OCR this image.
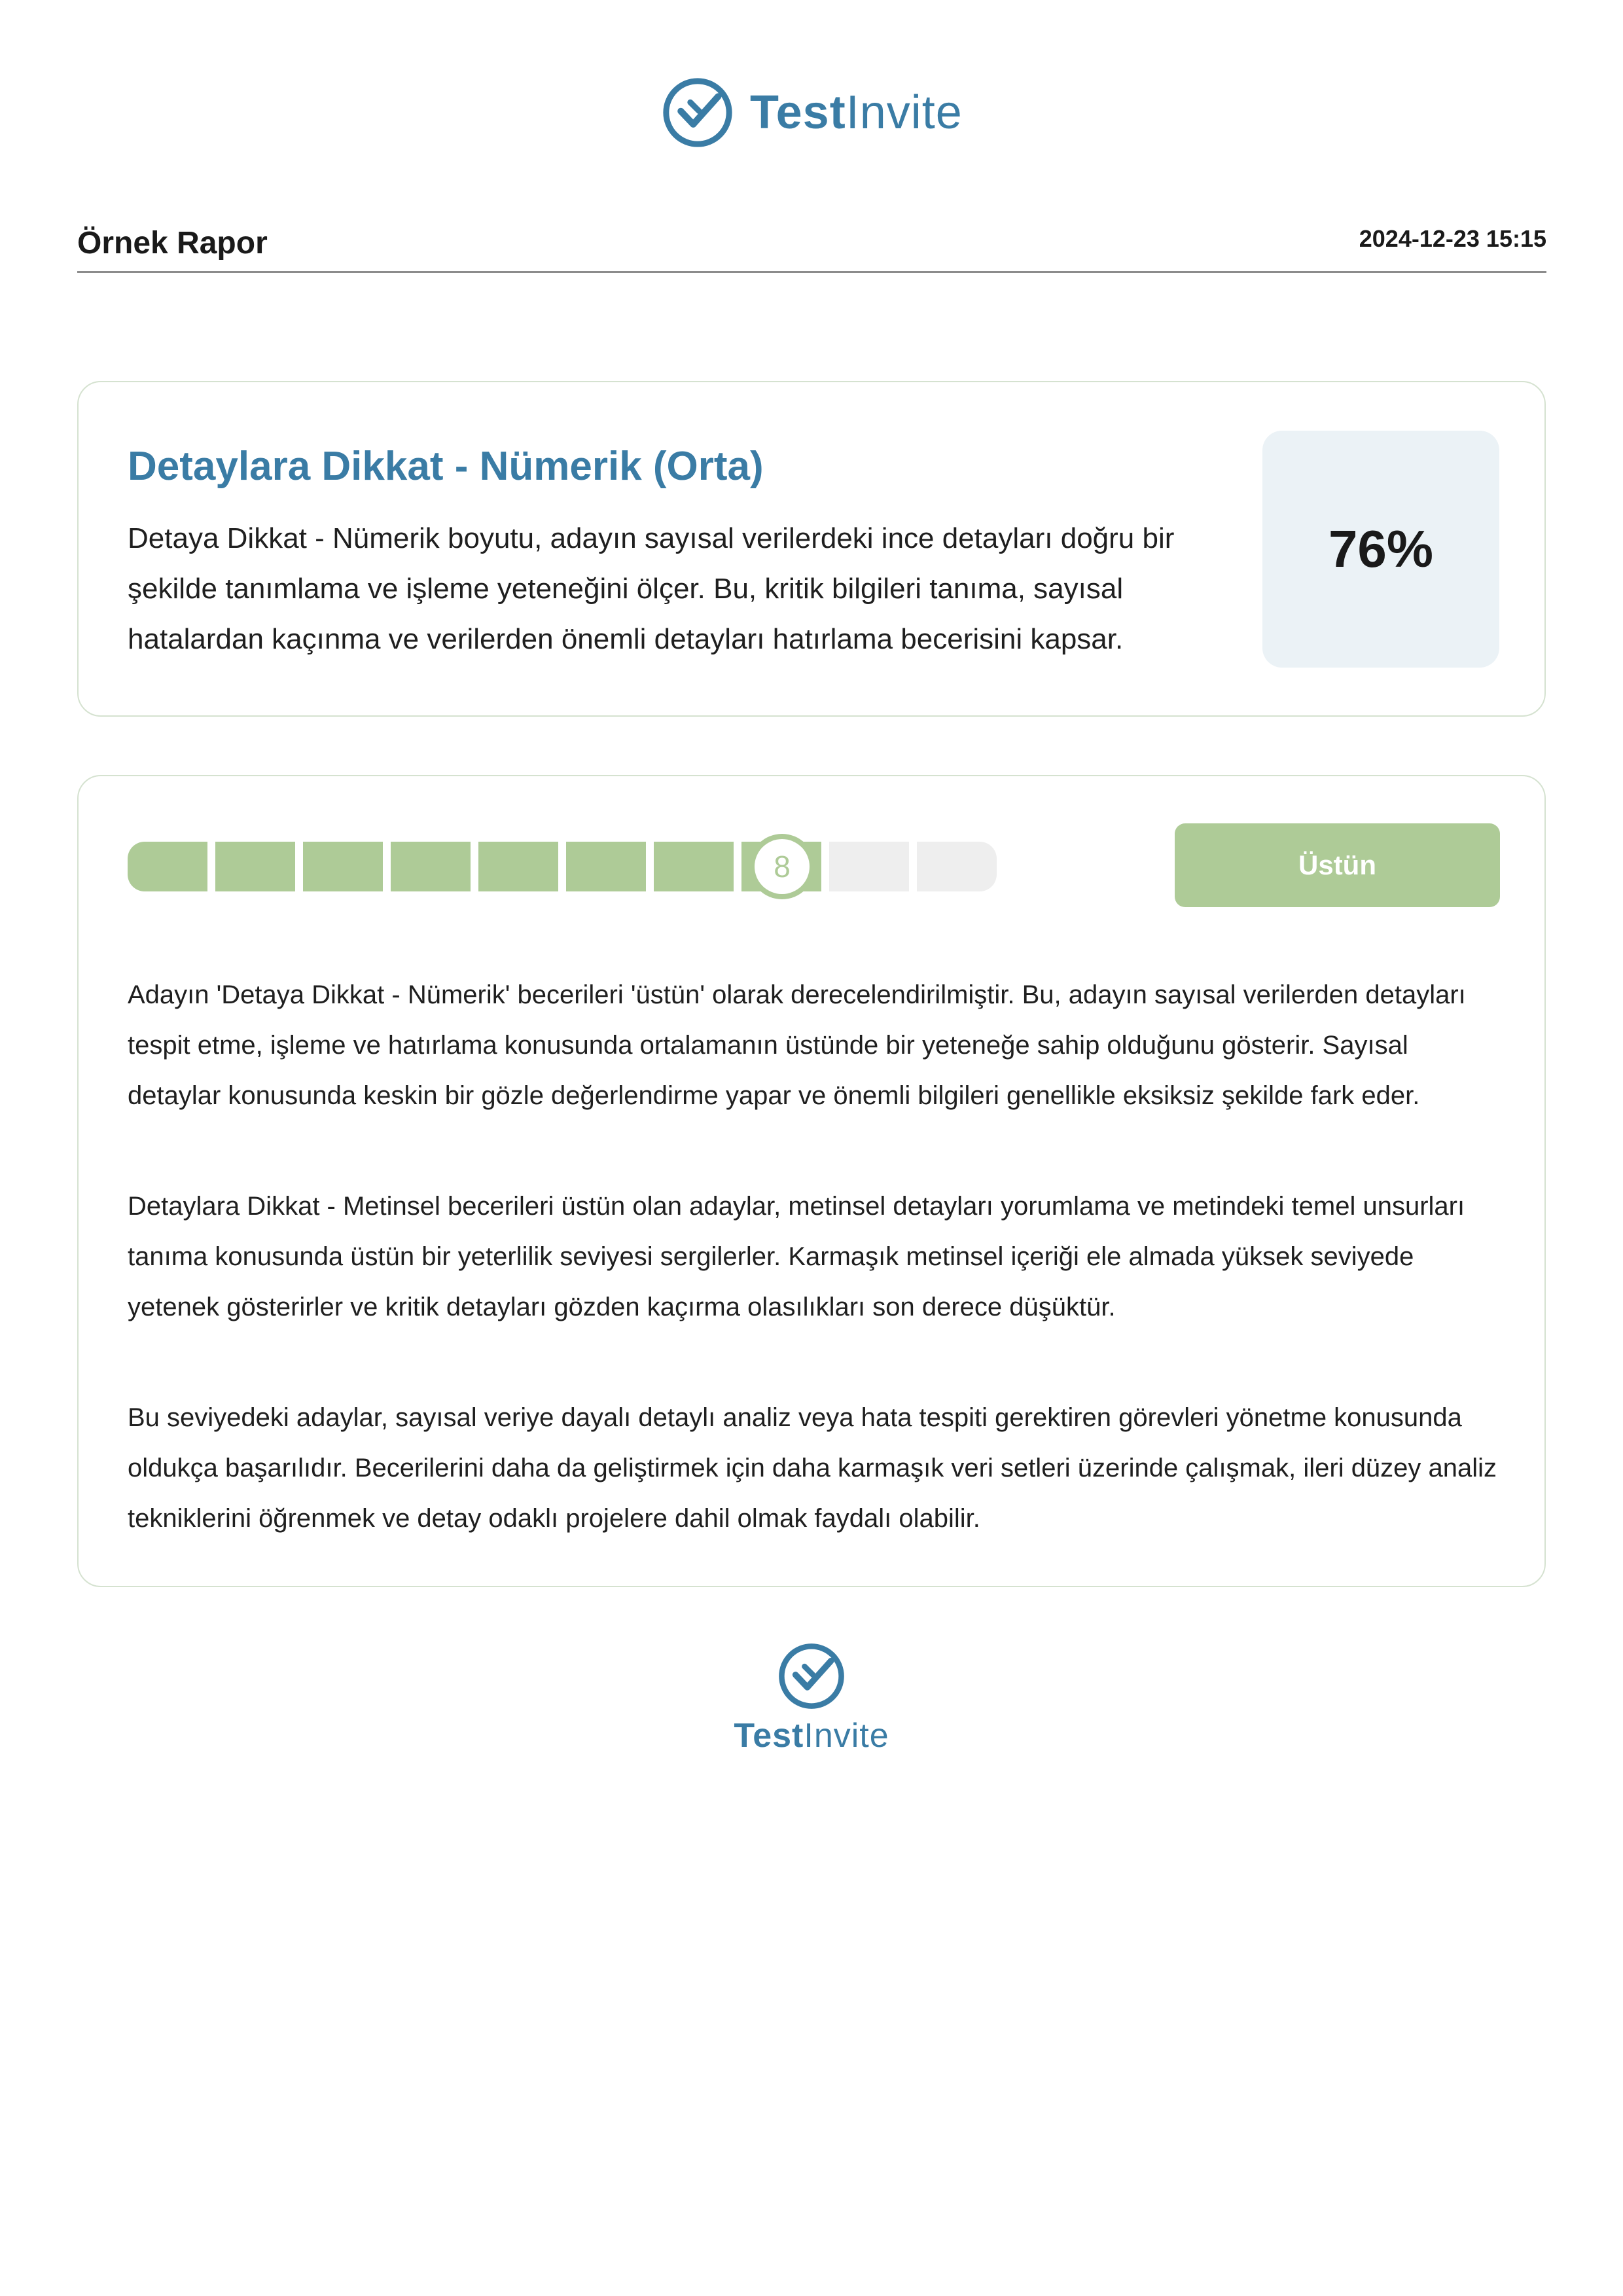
TestInvite
Örnek Rapor	2024-12-23 15:15
Detaylara Dikkat - Nümerik (Orta)

Detaya Dikkat - Nümerik boyutu, adayın sayısal verilerdeki ince detayları doğru bir şekilde tanımlama ve işleme yeteneğini ölçer. Bu, kritik bilgileri tanıma, sayısal hatalardan kaçınma ve verilerden önemli detayları hatırlama becerisini kapsar.

76%
8	Üstün

Adayın 'Detaya Dikkat - Nümerik' becerileri 'üstün' olarak derecelendirilmiştir. Bu, adayın sayısal verilerden detayları tespit etme, işleme ve hatırlama konusunda ortalamanın üstünde bir yeteneğe sahip olduğunu gösterir. Sayısal detaylar konusunda keskin bir gözle değerlendirme yapar ve önemli bilgileri genellikle eksiksiz şekilde fark eder.

Detaylara Dikkat - Metinsel becerileri üstün olan adaylar, metinsel detayları yorumlama ve metindeki temel unsurları tanıma konusunda üstün bir yeterlilik seviyesi sergilerler. Karmaşık metinsel içeriği ele almada yüksek seviyede yetenek gösterirler ve kritik detayları gözden kaçırma olasılıkları son derece düşüktür.

Bu seviyedeki adaylar, sayısal veriye dayalı detaylı analiz veya hata tespiti gerektiren görevleri yönetme konusunda oldukça başarılıdır. Becerilerini daha da geliştirmek için daha karmaşık veri setleri üzerinde çalışmak, ileri düzey analiz tekniklerini öğrenmek ve detay odaklı projelere dahil olmak faydalı olabilir.

TestInvite
